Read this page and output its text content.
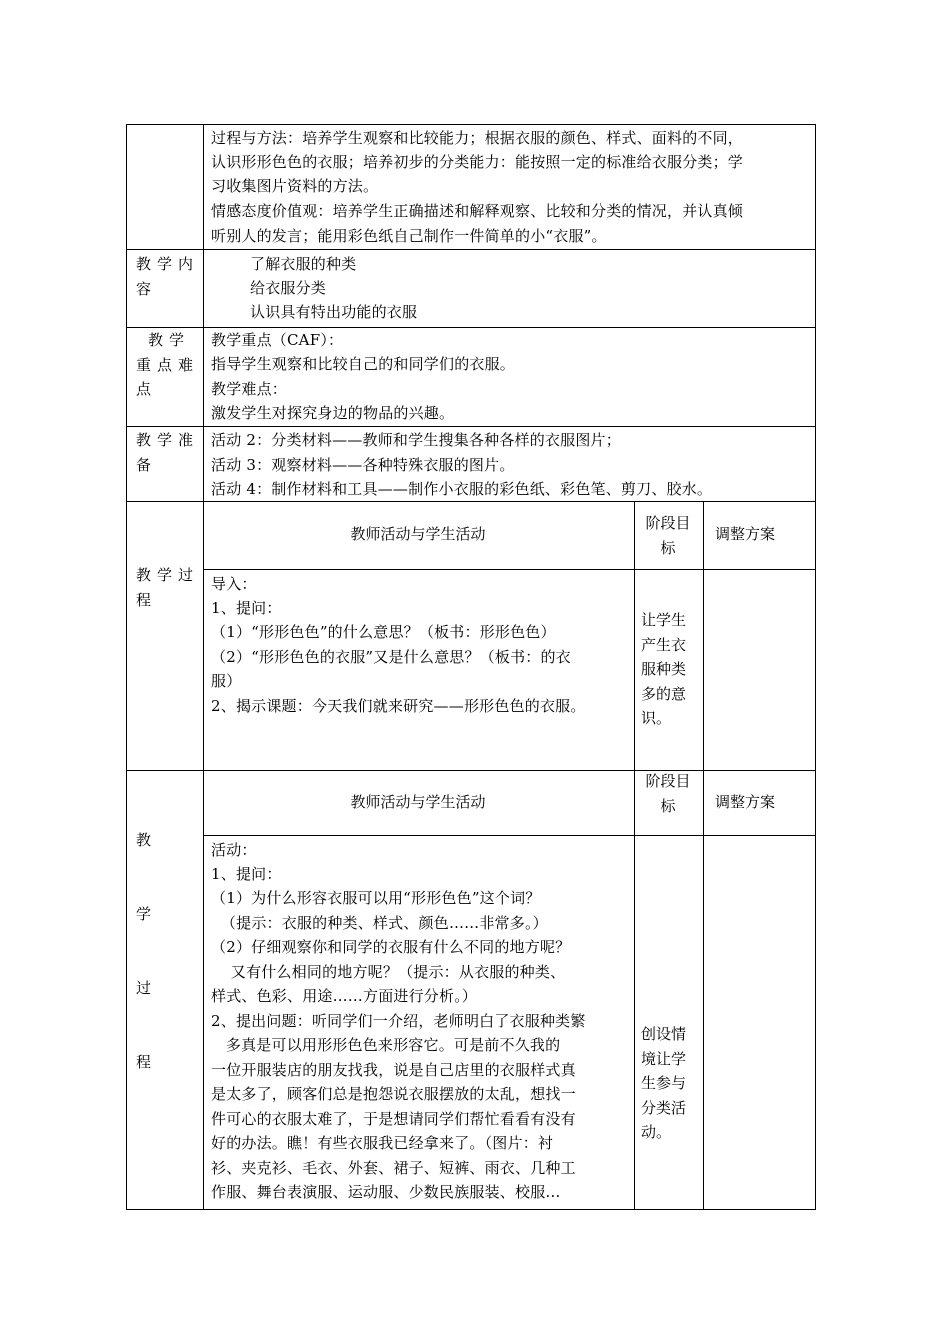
过程与方法：培养学生观察和比较能力；根据衣服的颜色、样式、面料的不同，
认识形形色色的衣服；培养初步的分类能力：能按照一定的标准给衣服分类；学
习收集图片资料的方法。
情感态度价值观：培养学生正确描述和解释观察、比较和分类的情况，并认真倾
听别人的发言；能用彩色纸自己制作一件简单的小“衣服”。
教学内
容
了解衣服的种类
给衣服分类
认识具有特出功能的衣服
教学
重点难
点
教学重点（CAF）：
指导学生观察和比较自己的和同学们的衣服。
教学难点：
激发学生对探究身边的物品的兴趣。
教学准
备
活动 2：分类材料——教师和学生搜集各种各样的衣服图片；
活动 3：观察材料——各种特殊衣服的图片。
活动 4：制作材料和工具——制作小衣服的彩色纸、彩色笔、剪刀、胶水。
教学过
程
教师活动与学生活动
阶段目
标
调整方案
导入：
1、提问：
（1）“形形色色”的什么意思？（板书：形形色色）
（2）“形形色色的衣服”又是什么意思？（板书：的衣
服）
2、揭示课题：今天我们就来研究——形形色色的衣服。
让学生
产生衣
服种类
多的意
识。
教
学
过
程
教师活动与学生活动
阶段目
标	调整方案
活动：
1、提问：
（1）为什么形容衣服可以用“形形色色”这个词？
（提示：衣服的种类、样式、颜色……非常多。）
（2）仔细观察你和同学的衣服有什么不同的地方呢？
又有什么相同的地方呢？（提示：从衣服的种类、
样式、色彩、用途……方面进行分析。）
2、提出问题：听同学们一介绍，老师明白了衣服种类繁
多真是可以用形形色色来形容它。可是前不久我的
一位开服装店的朋友找我，说是自己店里的衣服样式真
是太多了，顾客们总是抱怨说衣服摆放的太乱，想找一
件可心的衣服太难了，于是想请同学们帮忙看看有没有
好的办法。瞧！有些衣服我已经拿来了。（图片：衬
衫、夹克衫、毛衣、外套、裙子、短裤、雨衣、几种工
作服、舞台表演服、运动服、少数民族服装、校服…
创设情
境让学
生参与
分类活
动。
